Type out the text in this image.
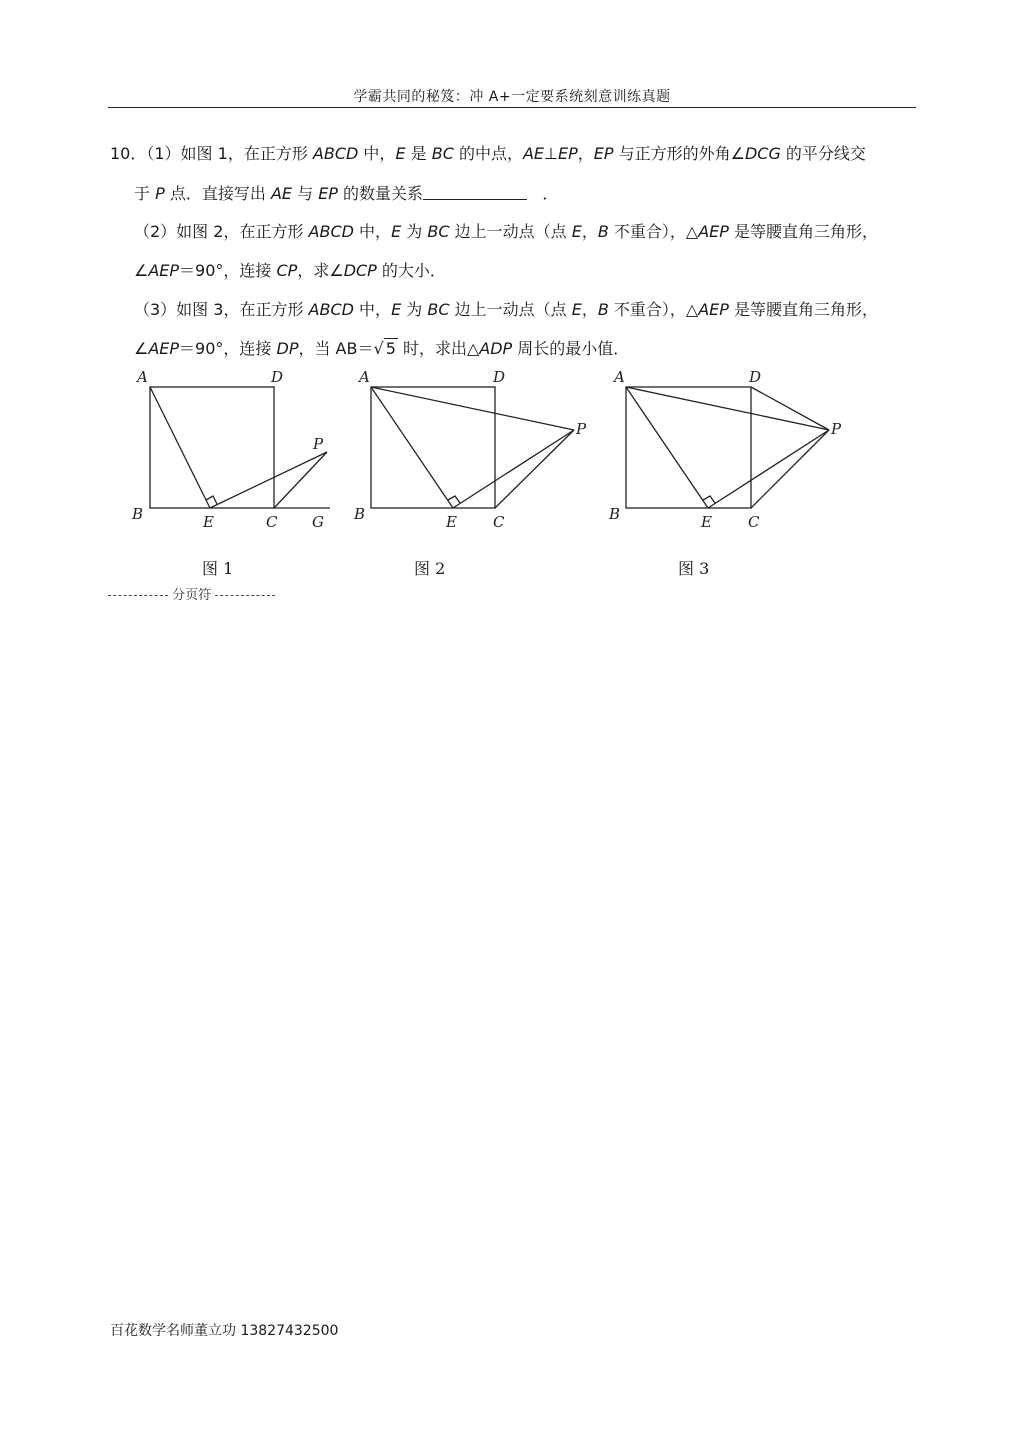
学霸共同的秘笈：冲 A+一定要系统刻意训练真题
10．（1）如图 1，在正方形 ABCD 中，E 是 BC 的中点，AE⊥EP，EP 与正方形的外角∠DCG 的平分线交
于 P 点．直接写出 AE 与 EP 的数量关系	．
（2）如图 2，在正方形 ABCD 中，E 为 BC 边上一动点（点 E，B 不重合），△AEP 是等腰直角三角形，
∠AEP＝90°，连接 CP，求∠DCP 的大小．
（3）如图 3，在正方形 ABCD 中，E 为 BC 边上一动点（点 E，B 不重合），△AEP 是等腰直角三角形，
∠AEP＝90°，连接 DP，当 AB＝√ 5 时，求出△ADP 周长的最小值．
A	D
B	E	C G
P
图 1
A	D
B	E C
P
图 2
A	D
B	E C
P
图 3
分页符
百花数学名师董立功 13827432500
